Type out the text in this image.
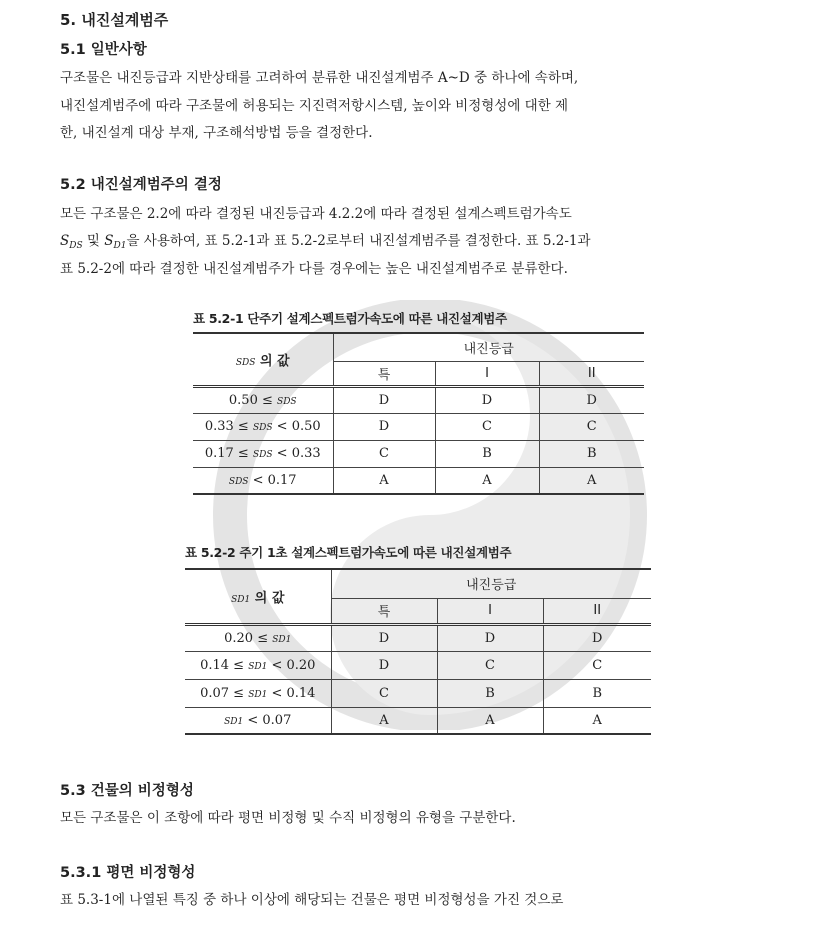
5. 내진설계범주
5.1 일반사항
구조물은 내진등급과 지반상태를 고려하여 분류한 내진설계범주 A~D 중 하나에 속하며,
내진설계범주에 따라 구조물에 허용되는 지진력저항시스템, 높이와 비정형성에 대한 제
한, 내진설계 대상 부재, 구조해석방법 등을 결정한다.
5.2 내진설계범주의 결정
모든 구조물은 2.2에 따라 결정된 내진등급과 4.2.2에 따라 결정된 설계스펙트럼가속도
$S_{DS}$ 및 $S_{D1}$을 사용하여, 표 5.2-1과 표 5.2-2로부터 내진설계범주를 결정한다. 표 5.2-1과
표 5.2-2에 따라 결정한 내진설계범주가 다를 경우에는 높은 내진설계범주로 분류한다.
표 5.2-1 단주기 설계스펙트럼가속도에 따른 내진설계범주
SDS 의 값	내진등급		
	특	I	II
0.50 ≤ SDS	D	D	D
0.33 ≤ SDS < 0.50	D	C	C
0.17 ≤ SDS < 0.33	C	B	B
SDS < 0.17	A	A	A
표 5.2-2 주기 1초 설계스펙트럼가속도에 따른 내진설계범주
SD1 의 값	내진등급		
	특	I	II
0.20 ≤ SD1	D	D	D
0.14 ≤ SD1 < 0.20	D	C	C
0.07 ≤ SD1 < 0.14	C	B	B
SD1 < 0.07	A	A	A
5.3 건물의 비정형성
모든 구조물은 이 조항에 따라 평면 비정형 및 수직 비정형의 유형을 구분한다.
5.3.1 평면 비정형성
표 5.3-1에 나열된 특징 중 하나 이상에 해당되는 건물은 평면 비정형성을 가진 것으로
